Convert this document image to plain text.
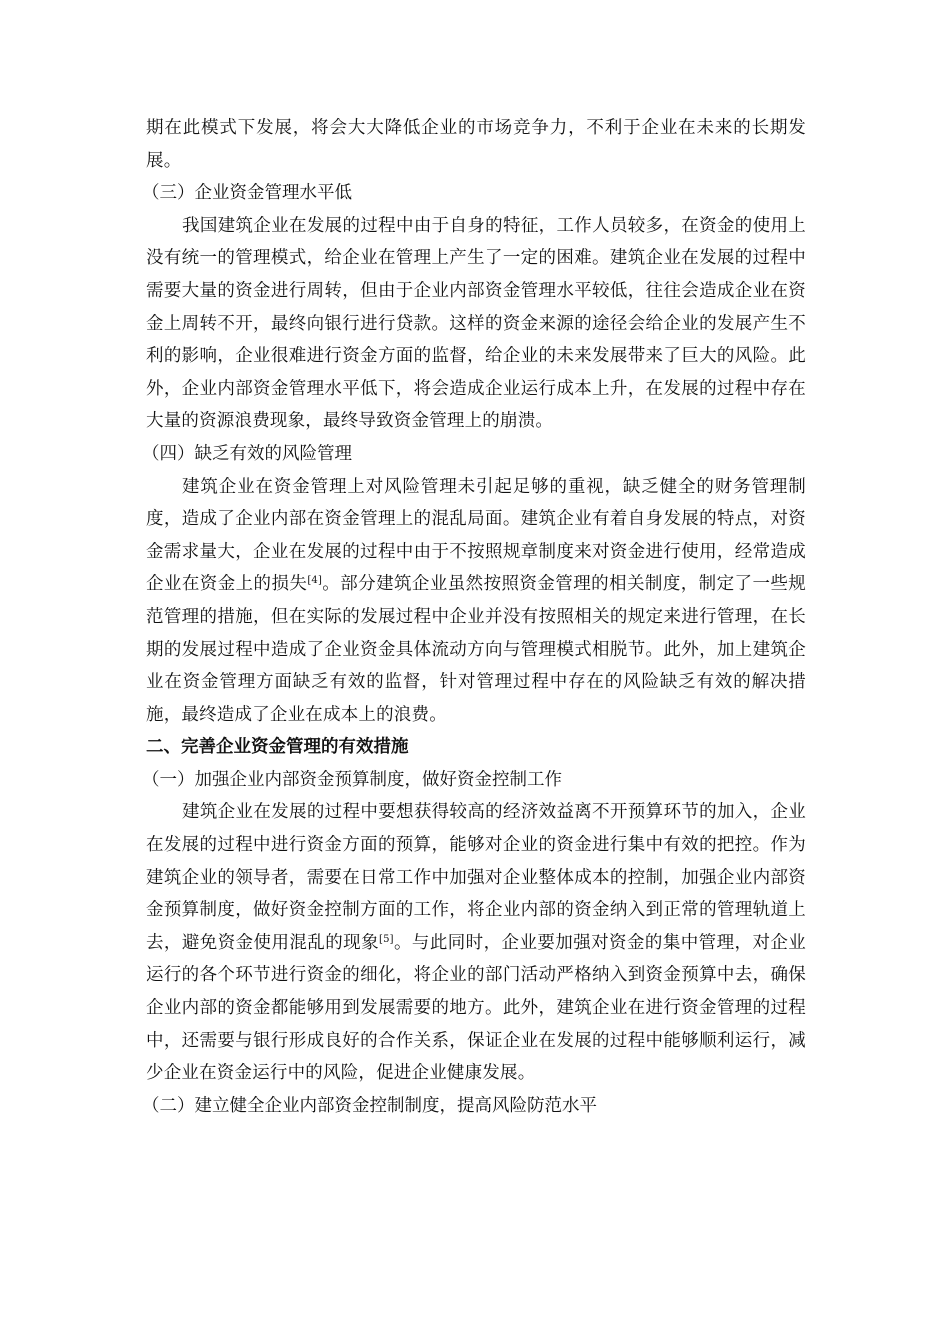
期在此模式下发展，将会大大降低企业的市场竞争力，不利于企业在未来的长期发展。

（三）企业资金管理水平低

我国建筑企业在发展的过程中由于自身的特征，工作人员较多，在资金的使用上没有统一的管理模式，给企业在管理上产生了一定的困难。建筑企业在发展的过程中需要大量的资金进行周转，但由于企业内部资金管理水平较低，往往会造成企业在资金上周转不开，最终向银行进行贷款。这样的资金来源的途径会给企业的发展产生不利的影响，企业很难进行资金方面的监督，给企业的未来发展带来了巨大的风险。此外，企业内部资金管理水平低下，将会造成企业运行成本上升，在发展的过程中存在大量的资源浪费现象，最终导致资金管理上的崩溃。

（四）缺乏有效的风险管理

建筑企业在资金管理上对风险管理未引起足够的重视，缺乏健全的财务管理制度，造成了企业内部在资金管理上的混乱局面。建筑企业有着自身发展的特点，对资金需求量大，企业在发展的过程中由于不按照规章制度来对资金进行使用，经常造成企业在资金上的损失[4]。部分建筑企业虽然按照资金管理的相关制度，制定了一些规范管理的措施，但在实际的发展过程中企业并没有按照相关的规定来进行管理，在长期的发展过程中造成了企业资金具体流动方向与管理模式相脱节。此外，加上建筑企业在资金管理方面缺乏有效的监督，针对管理过程中存在的风险缺乏有效的解决措施，最终造成了企业在成本上的浪费。

二、完善企业资金管理的有效措施

（一）加强企业内部资金预算制度，做好资金控制工作

建筑企业在发展的过程中要想获得较高的经济效益离不开预算环节的加入，企业在发展的过程中进行资金方面的预算，能够对企业的资金进行集中有效的把控。作为建筑企业的领导者，需要在日常工作中加强对企业整体成本的控制，加强企业内部资金预算制度，做好资金控制方面的工作，将企业内部的资金纳入到正常的管理轨道上去，避免资金使用混乱的现象[5]。与此同时，企业要加强对资金的集中管理，对企业运行的各个环节进行资金的细化，将企业的部门活动严格纳入到资金预算中去，确保企业内部的资金都能够用到发展需要的地方。此外，建筑企业在进行资金管理的过程中，还需要与银行形成良好的合作关系，保证企业在发展的过程中能够顺利运行，减少企业在资金运行中的风险，促进企业健康发展。

（二）建立健全企业内部资金控制制度，提高风险防范水平
